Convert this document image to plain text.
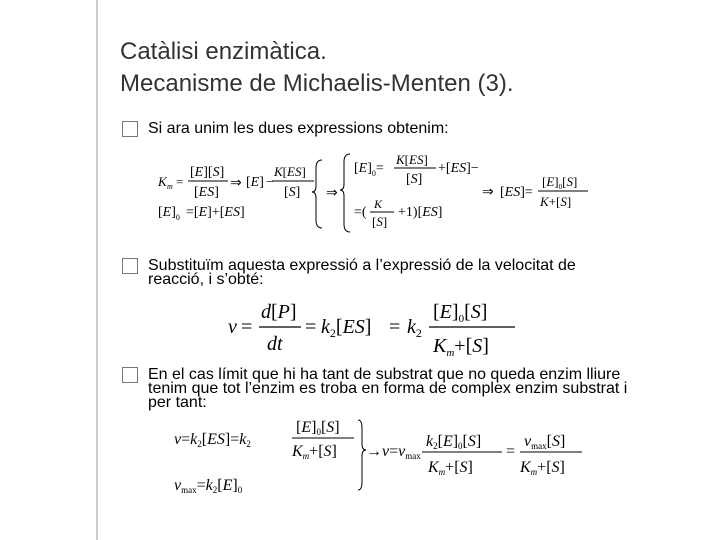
Catàlisi enzimàtica.
Mecanisme de Michaelis-Menten (3).
Si ara unim les dues expressions obtenim:
K m =
[E][S]
[ES]
⇒ [E] −
K[ES]
[S]
$[E]_0 =[E]+[ES]$
⇒
$[E]_0=$
K[ES]
[S]
+[ES]−
=(
K
[S]
+1)[ES]
⇒ [ES]=
$[E]_0[S]$
K+[S]
Substituïm aquesta expressió a l’expressió de la velocitat de
reacció, i s’obté:
v =
d[P]
dt
= $k_2[ES] = k_2$
$[E]_0[S]$
$K_m+[S]$
En el cas límit que hi ha tant de substrat que no queda enzim lliure
tenim que tot l’enzim es troba en forma de complex enzim substrat i
per tant:
v=k2[ES]=k2
[E]0[S]
Km+[S] →v=vmax
k2[E]0[S]
Km+[S]
=
vmax[S]
Km+[S]
vmax=k2[E]0
